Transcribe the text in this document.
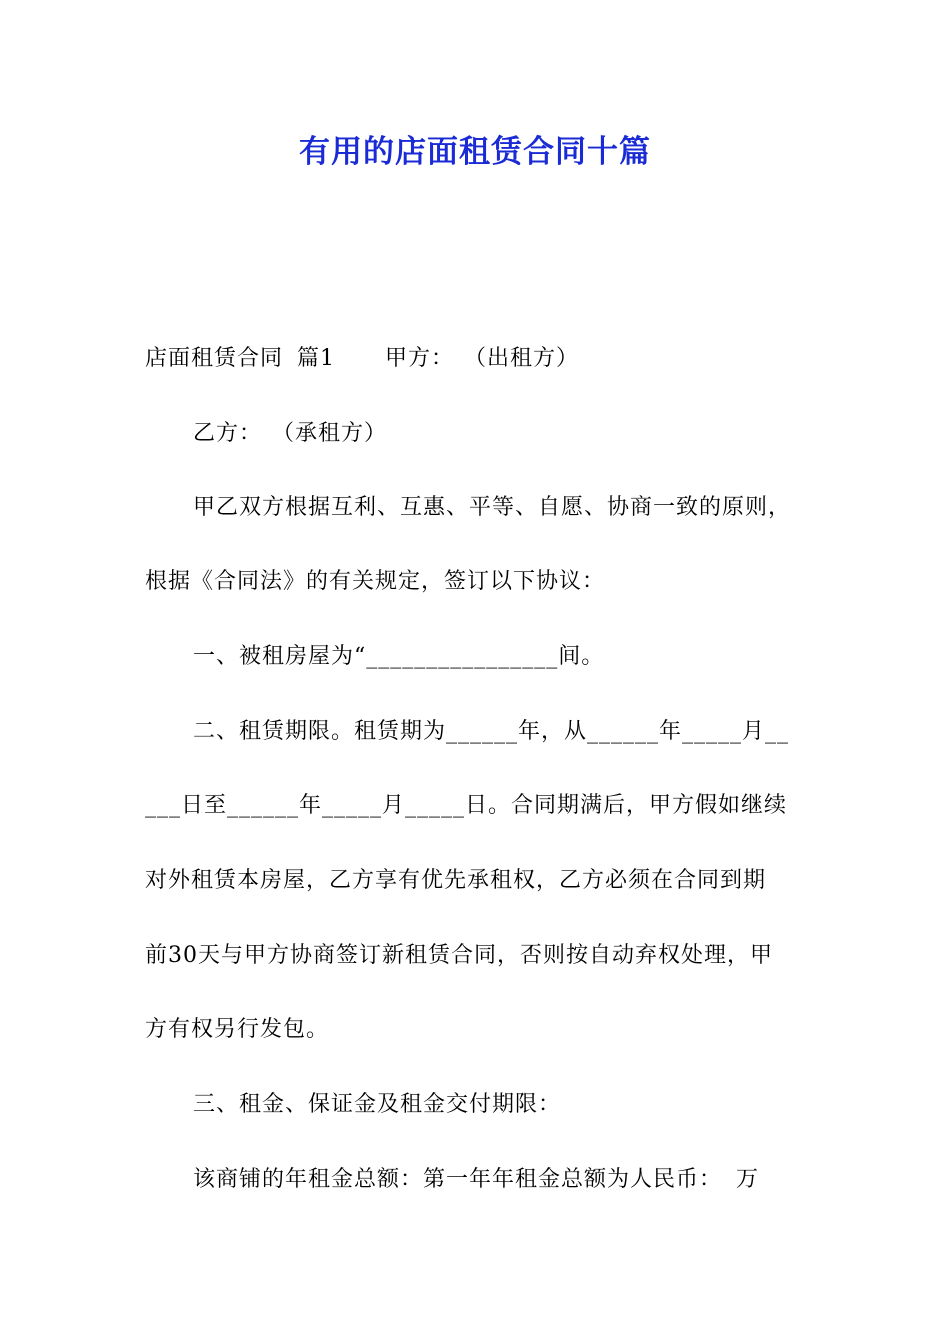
有用的店面租赁合同十篇
店面租赁合同 篇1 甲方： （出租方）
乙方： （承租方）
甲乙双方根据互利、互惠、平等、自愿、协商一致的原则，
根据《合同法》的有关规定，签订以下协议：
一、被租房屋为“________________间。
二、租赁期限。租赁期为______年，从______年_____月__
___日至______年_____月_____日。合同期满后，甲方假如继续
对外租赁本房屋，乙方享有优先承租权，乙方必须在合同到期
前30天与甲方协商签订新租赁合同，否则按自动弃权处理，甲
方有权另行发包。
三、租金、保证金及租金交付期限：
该商铺的年租金总额：第一年年租金总额为人民币： 万
